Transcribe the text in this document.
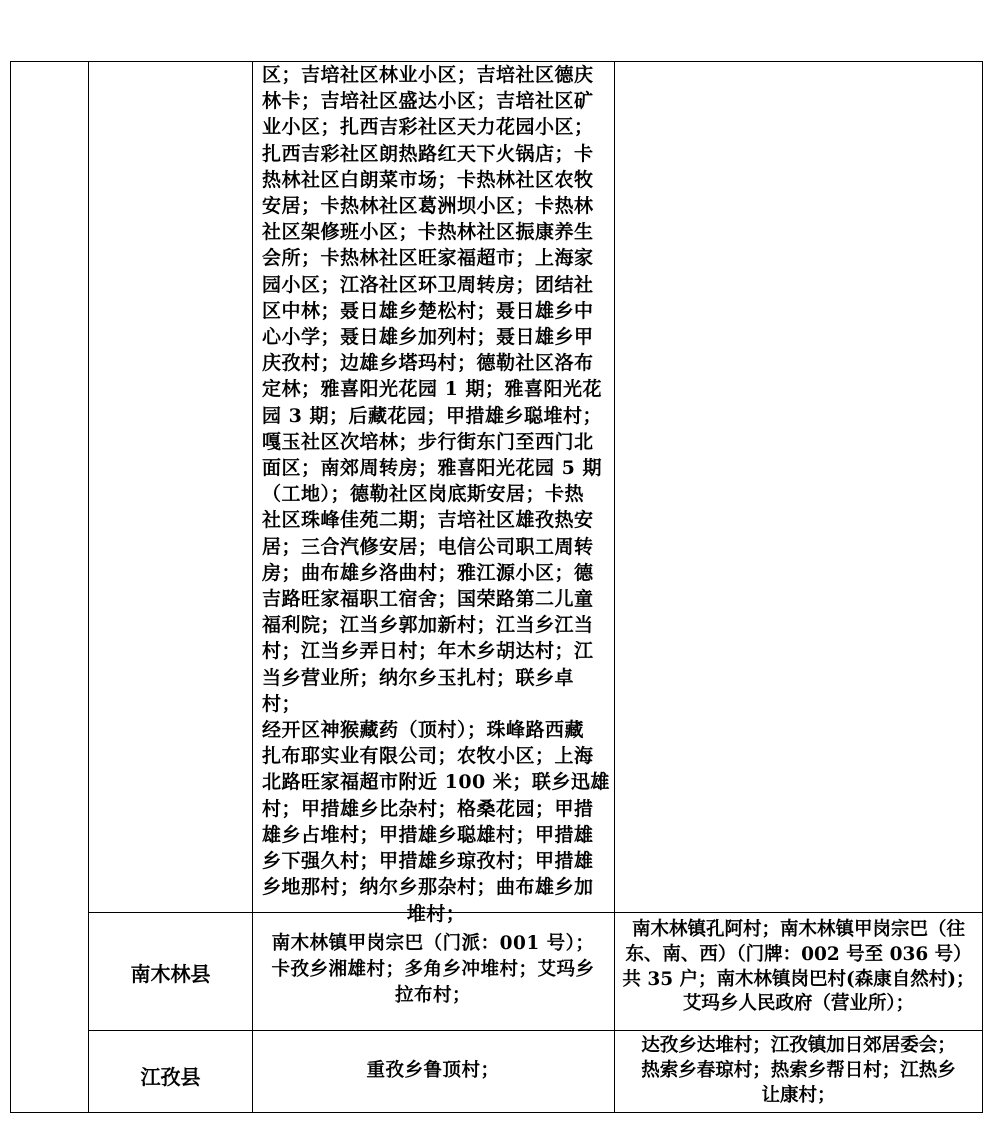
区；吉培社区林业小区；吉培社区德庆
林卡；吉培社区盛达小区；吉培社区矿
业小区；扎西吉彩社区天力花园小区；
扎西吉彩社区朗热路红天下火锅店；卡
热林社区白朗菜市场；卡热林社区农牧
安居；卡热林社区葛洲坝小区；卡热林
社区架修班小区；卡热林社区振康养生
会所；卡热林社区旺家福超市；上海家
园小区；江洛社区环卫周转房；团结社
区中林；聂日雄乡楚松村；聂日雄乡中
心小学；聂日雄乡加列村；聂日雄乡甲
庆孜村；边雄乡塔玛村；德勒社区洛布
定林；雅喜阳光花园 1 期；雅喜阳光花
园 3 期；后藏花园；甲措雄乡聪堆村；
嘎玉社区次培林；步行街东门至西门北
面区；南郊周转房；雅喜阳光花园 5 期
（工地）；德勒社区岗底斯安居；卡热
社区珠峰佳苑二期；吉培社区雄孜热安
居；三合汽修安居；电信公司职工周转
房；曲布雄乡洛曲村；雅江源小区；德
吉路旺家福职工宿舍；国荣路第二儿童
福利院；江当乡郭加新村；江当乡江当
村；江当乡弄日村；年木乡胡达村；江
当乡营业所；纳尔乡玉扎村；联乡卓村；
经开区神猴藏药（顶村）；珠峰路西藏
扎布耶实业有限公司；农牧小区；上海
北路旺家福超市附近 100 米；联乡迅雄
村；甲措雄乡比杂村；格桑花园；甲措
雄乡占堆村；甲措雄乡聪雄村；甲措雄
乡下强久村；甲措雄乡琼孜村；甲措雄
乡地那村；纳尔乡那杂村；曲布雄乡加
堆村；
南木林县
南木林镇甲岗宗巴（门派：001 号）；
卡孜乡湘雄村；多角乡冲堆村；艾玛乡
拉布村；
南木林镇孔阿村；南木林镇甲岗宗巴（往
东、南、西）（门牌：002 号至 036 号）
共 35 户；南木林镇岗巴村(森康自然村)；
艾玛乡人民政府（营业所）；
江孜县	重孜乡鲁顶村；
达孜乡达堆村；江孜镇加日郊居委会；
热索乡春琼村；热索乡帮日村；江热乡
让康村；
